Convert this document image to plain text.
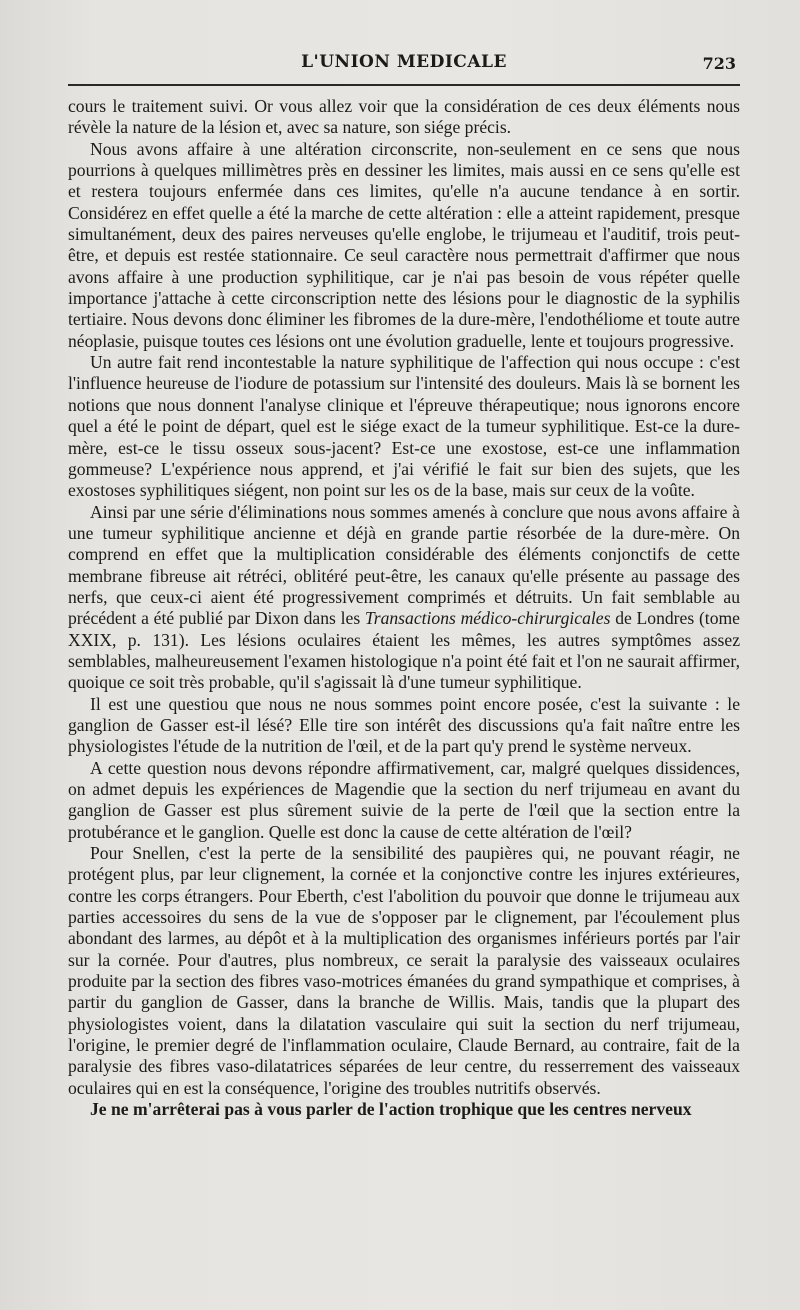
L'UNION MEDICALE	723

cours le traitement suivi. Or vous allez voir que la considération de ces deux éléments nous révèle la nature de la lésion et, avec sa nature, son siége précis.

Nous avons affaire à une altération circonscrite, non-seulement en ce sens que nous pourrions à quelques millimètres près en dessiner les limites, mais aussi en ce sens qu'elle est et restera toujours enfermée dans ces limites, qu'elle n'a aucune tendance à en sortir. Considérez en effet quelle a été la marche de cette altération : elle a atteint rapidement, presque simultanément, deux des paires nerveuses qu'elle englobe, le trijumeau et l'auditif, trois peut-être, et depuis est restée stationnaire. Ce seul caractère nous permettrait d'affirmer que nous avons affaire à une production syphilitique, car je n'ai pas besoin de vous répéter quelle importance j'attache à cette circonscription nette des lésions pour le diagnostic de la syphilis tertiaire. Nous devons donc éliminer les fibromes de la dure-mère, l'endothéliome et toute autre néoplasie, puisque toutes ces lésions ont une évolution graduelle, lente et toujours progressive.

Un autre fait rend incontestable la nature syphilitique de l'affection qui nous occupe : c'est l'influence heureuse de l'iodure de potassium sur l'intensité des douleurs. Mais là se bornent les notions que nous donnent l'analyse clinique et l'épreuve thérapeutique; nous ignorons encore quel a été le point de départ, quel est le siége exact de la tumeur syphilitique. Est-ce la dure-mère, est-ce le tissu osseux sous-jacent? Est-ce une exostose, est-ce une inflammation gommeuse? L'expérience nous apprend, et j'ai vérifié le fait sur bien des sujets, que les exostoses syphilitiques siégent, non point sur les os de la base, mais sur ceux de la voûte.

Ainsi par une série d'éliminations nous sommes amenés à conclure que nous avons affaire à une tumeur syphilitique ancienne et déjà en grande partie résorbée de la dure-mère. On comprend en effet que la multiplication considérable des éléments conjonctifs de cette membrane fibreuse ait rétréci, oblitéré peut-être, les canaux qu'elle présente au passage des nerfs, que ceux-ci aient été progressivement comprimés et détruits. Un fait semblable au précédent a été publié par Dixon dans les Transactions médico-chirurgicales de Londres (tome XXIX, p. 131). Les lésions oculaires étaient les mêmes, les autres symptômes assez semblables, malheureusement l'examen histologique n'a point été fait et l'on ne saurait affirmer, quoique ce soit très probable, qu'il s'agissait là d'une tumeur syphilitique.

Il est une questiou que nous ne nous sommes point encore posée, c'est la suivante : le ganglion de Gasser est-il lésé? Elle tire son intérêt des discussions qu'a fait naître entre les physiologistes l'étude de la nutrition de l'œil, et de la part qu'y prend le système nerveux.

A cette question nous devons répondre affirmativement, car, malgré quelques dissidences, on admet depuis les expériences de Magendie que la section du nerf trijumeau en avant du ganglion de Gasser est plus sûrement suivie de la perte de l'œil que la section entre la protubérance et le ganglion. Quelle est donc la cause de cette altération de l'œil?

Pour Snellen, c'est la perte de la sensibilité des paupières qui, ne pouvant réagir, ne protégent plus, par leur clignement, la cornée et la conjonctive contre les injures extérieures, contre les corps étrangers. Pour Eberth, c'est l'abolition du pouvoir que donne le trijumeau aux parties accessoires du sens de la vue de s'opposer par le clignement, par l'écoulement plus abondant des larmes, au dépôt et à la multiplication des organismes inférieurs portés par l'air sur la cornée. Pour d'autres, plus nombreux, ce serait la paralysie des vaisseaux oculaires produite par la section des fibres vaso-motrices émanées du grand sympathique et comprises, à partir du ganglion de Gasser, dans la branche de Willis. Mais, tandis que la plupart des physiologistes voient, dans la dilatation vasculaire qui suit la section du nerf trijumeau, l'origine, le premier degré de l'inflammation oculaire, Claude Bernard, au contraire, fait de la paralysie des fibres vaso-dilatatrices séparées de leur centre, du resserrement des vaisseaux oculaires qui en est la conséquence, l'origine des troubles nutritifs observés.

Je ne m'arrêterai pas à vous parler de l'action trophique que les centres nerveux
